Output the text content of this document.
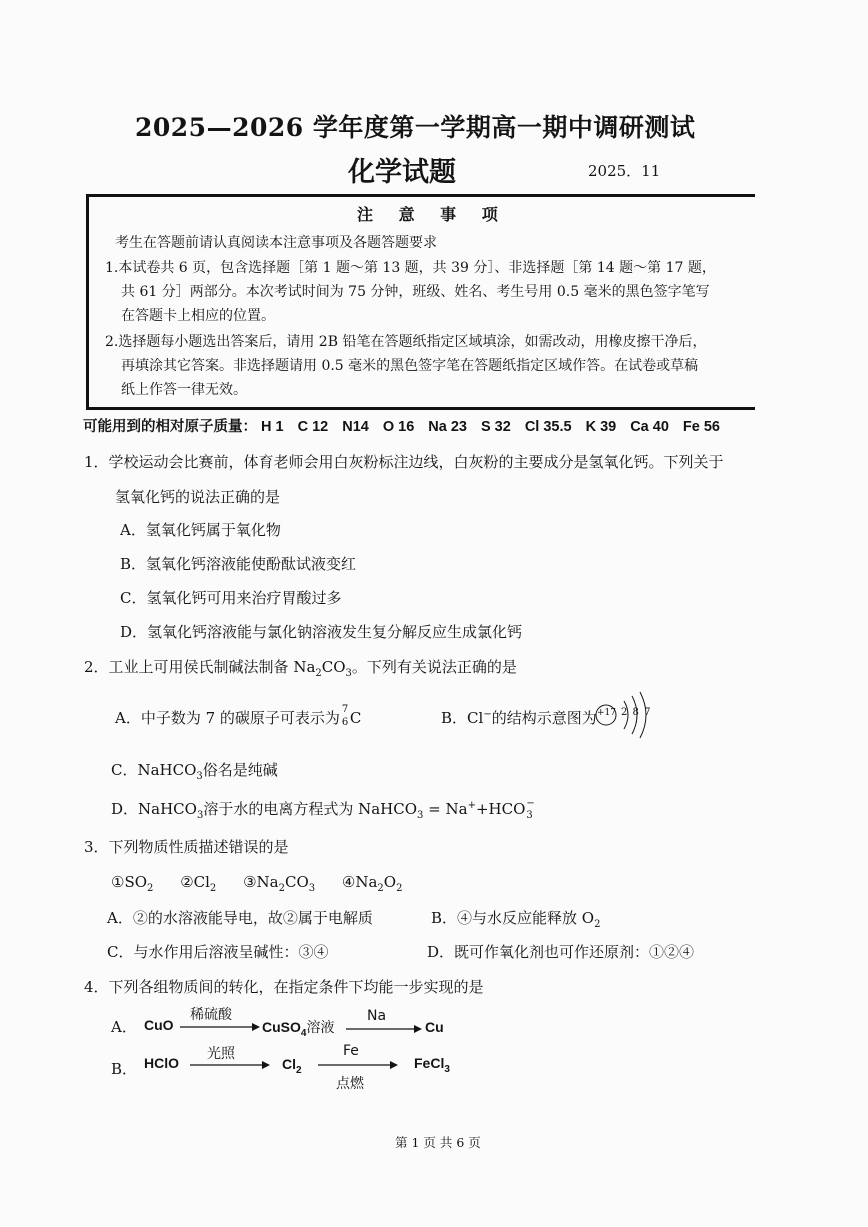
2025—2026 学年度第一学期高一期中调研测试
化学试题	2025．11
注 意 事 项
考生在答题前请认真阅读本注意事项及各题答题要求
1.本试卷共 6 页，包含选择题［第 1 题～第 13 题，共 39 分］、非选择题［第 14 题～第 17 题，
共 61 分］两部分。本次考试时间为 75 分钟，班级、姓名、考生号用 0.5 毫米的黑色签字笔写
在答题卡上相应的位置。
2.选择题每小题选出答案后，请用 2B 铅笔在答题纸指定区域填涂，如需改动，用橡皮擦干净后，
再填涂其它答案。非选择题请用 0.5 毫米的黑色签字笔在答题纸指定区域作答。在试卷或草稿
纸上作答一律无效。
可能用到的相对原子质量： H 1 C 12 N14 O 16 Na 23 S 32 Cl 35.5 K 39 Ca 40 Fe 56
1．学校运动会比赛前，体育老师会用白灰粉标注边线，白灰粉的主要成分是氢氧化钙。下列关于
氢氧化钙的说法正确的是
A．氢氧化钙属于氧化物
B．氢氧化钙溶液能使酚酞试液变红
C．氢氧化钙可用来治疗胃酸过多
D．氢氧化钙溶液能与氯化钠溶液发生复分解反应生成氯化钙
2．工业上可用侯氏制碱法制备 $Na_2CO_3$。下列有关说法正确的是
A．中子数为 7 的碳原子可表示为 7
6 C	B．Cl−的结构示意图为 +17 2 8 7
C．NaHCO$_3$俗名是纯碱
D．NaHCO$_3$溶于水的电离方程式为 NaHCO$_3$ = Na++HCO −
3
3．下列物质性质描述错误的是
$①SO_2$ $②Cl_2$ $③Na_2CO_3$ $④Na_2O_2$
A．②的水溶液能导电，故②属于电解质	B．④与水反应能释放 $O_2$
C．与水作用后溶液呈碱性：③④	D．既可作氧化剂也可作还原剂：①②④
4．下列各组物质间的转化，在指定条件下均能一步实现的是
A． CuO
稀硫酸
CuSO$_4$溶液
Na
Cu
B． HClO
光照
$Cl_2$
Fe
点燃
FeCl$_3$
第 1 页 共 6 页
